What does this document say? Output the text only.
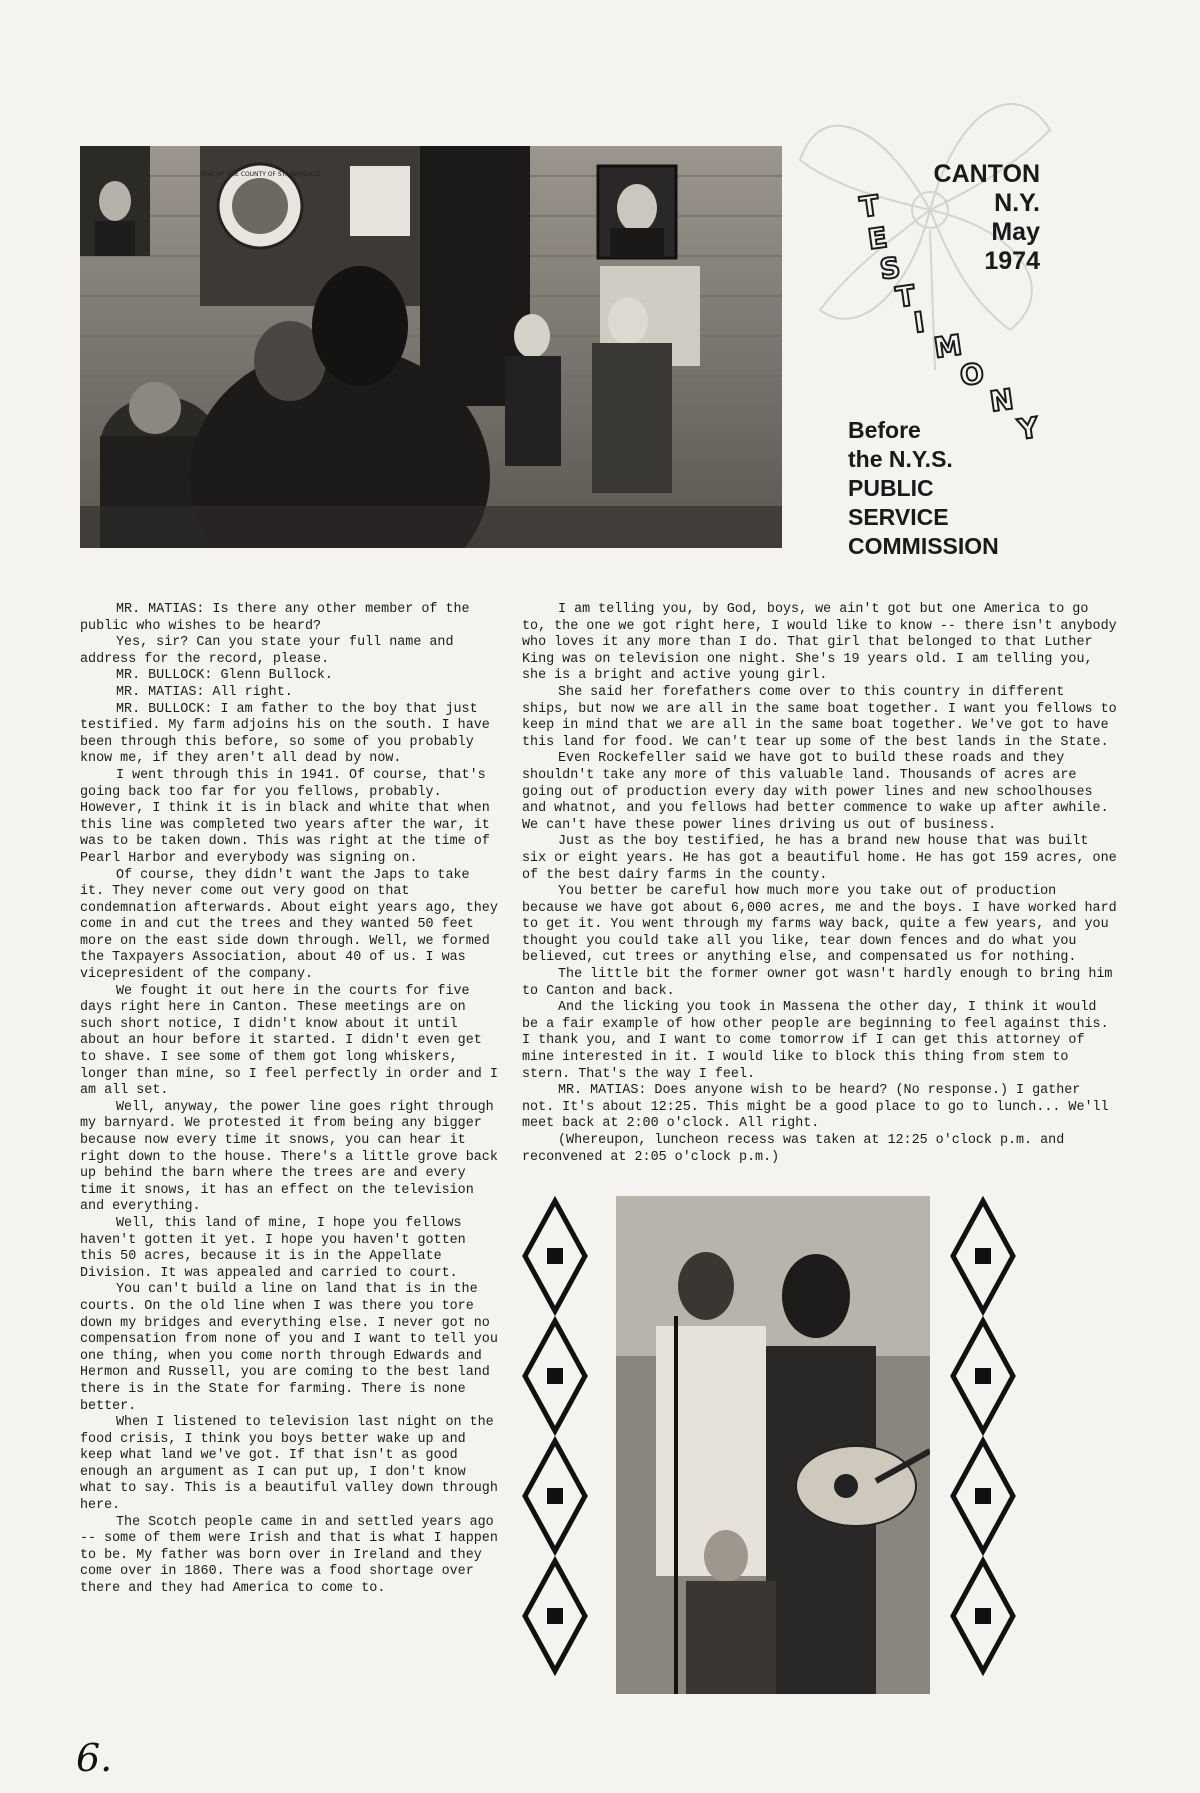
SEAL OF THE COUNTY OF ST.LAWRENCE	CANTON
N.Y.
May
1974
T
E
S
T
I
M
O
N
Y
Before
the N.Y.S.
PUBLIC
SERVICE
COMMISSION

MR. MATIAS: Is there any other member of the public who wishes to be heard?

Yes, sir? Can you state your full name and address for the record, please.

MR. BULLOCK: Glenn Bullock.

MR. MATIAS: All right.

MR. BULLOCK: I am father to the boy that just testified. My farm adjoins his on the south. I have been through this before, so some of you probably know me, if they aren't all dead by now.

I went through this in 1941. Of course, that's going back too far for you fellows, probably. However, I think it is in black and white that when this line was completed two years after the war, it was to be taken down. This was right at the time of Pearl Harbor and everybody was signing on.

Of course, they didn't want the Japs to take it. They never come out very good on that condemnation afterwards. About eight years ago, they come in and cut the trees and they wanted 50 feet more on the east side down through. Well, we formed the Taxpayers Association, about 40 of us. I was vicepresident of the company.

We fought it out here in the courts for five days right here in Canton. These meetings are on such short notice, I didn't know about it until about an hour before it started. I didn't even get to shave. I see some of them got long whiskers, longer than mine, so I feel perfectly in order and I am all set.

Well, anyway, the power line goes right through my barnyard. We protested it from being any bigger because now every time it snows, you can hear it right down to the house. There's a little grove back up behind the barn where the trees are and every time it snows, it has an effect on the television and everything.

Well, this land of mine, I hope you fellows haven't gotten it yet. I hope you haven't gotten this 50 acres, because it is in the Appellate Division. It was appealed and carried to court.

You can't build a line on land that is in the courts. On the old line when I was there you tore down my bridges and everything else. I never got no compensation from none of you and I want to tell you one thing, when you come north through Edwards and Hermon and Russell, you are coming to the best land there is in the State for farming. There is none better.

When I listened to television last night on the food crisis, I think you boys better wake up and keep what land we've got. If that isn't as good enough an argument as I can put up, I don't know what to say. This is a beautiful valley down through here.

The Scotch people came in and settled years ago -- some of them were Irish and that is what I happen to be. My father was born over in Ireland and they come over in 1860. There was a food shortage over there and they had America to come to.

I am telling you, by God, boys, we ain't got but one America to go to, the one we got right here, I would like to know -- there isn't anybody who loves it any more than I do. That girl that belonged to that Luther King was on television one night. She's 19 years old. I am telling you, she is a bright and active young girl.

She said her forefathers come over to this country in different ships, but now we are all in the same boat together. I want you fellows to keep in mind that we are all in the same boat together. We've got to have this land for food. We can't tear up some of the best lands in the State.

Even Rockefeller said we have got to build these roads and they shouldn't take any more of this valuable land. Thousands of acres are going out of production every day with power lines and new schoolhouses and whatnot, and you fellows had better commence to wake up after awhile. We can't have these power lines driving us out of business.

Just as the boy testified, he has a brand new house that was built six or eight years. He has got a beautiful home. He has got 159 acres, one of the best dairy farms in the county.

You better be careful how much more you take out of production because we have got about 6,000 acres, me and the boys. I have worked hard to get it. You went through my farms way back, quite a few years, and you thought you could take all you like, tear down fences and do what you believed, cut trees or anything else, and compensated us for nothing.

The little bit the former owner got wasn't hardly enough to bring him to Canton and back.

And the licking you took in Massena the other day, I think it would be a fair example of how other people are beginning to feel against this. I thank you, and I want to come tomorrow if I can get this attorney of mine interested in it. I would like to block this thing from stem to stern. That's the way I feel.

MR. MATIAS: Does anyone wish to be heard? (No response.) I gather not. It's about 12:25. This might be a good place to go to lunch... We'll meet back at 2:00 o'clock. All right.

(Whereupon, luncheon recess was taken at 12:25 o'clock p.m. and reconvened at 2:05 o'clock p.m.)

6.
